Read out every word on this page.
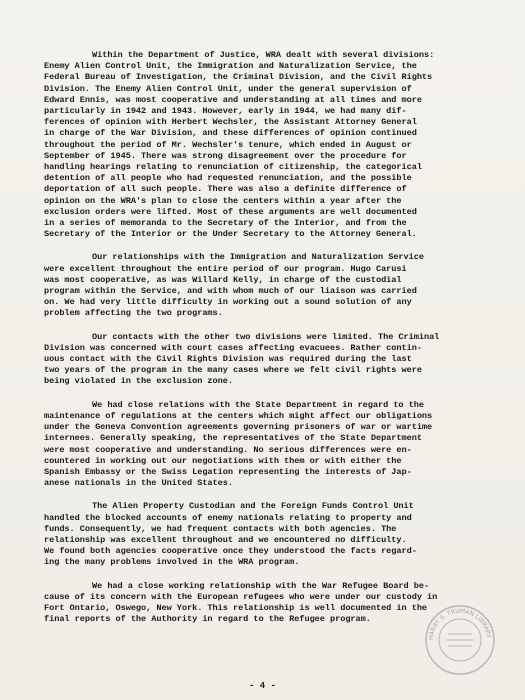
Within the Department of Justice, WRA dealt with several divisions:
Enemy Alien Control Unit, the Immigration and Naturalization Service, the
Federal Bureau of Investigation, the Criminal Division, and the Civil Rights
Division. The Enemy Alien Control Unit, under the general supervision of
Edward Ennis, was most cooperative and understanding at all times and more
particularly in 1942 and 1943. However, early in 1944, we had many dif-
ferences of opinion with Herbert Wechsler, the Assistant Attorney General
in charge of the War Division, and these differences of opinion continued
throughout the period of Mr. Wechsler's tenure, which ended in August or
September of 1945. There was strong disagreement over the procedure for
handling hearings relating to renunciation of citizenship, the categorical
detention of all people who had requested renunciation, and the possible
deportation of all such people. There was also a definite difference of
opinion on the WRA's plan to close the centers within a year after the
exclusion orders were lifted. Most of these arguments are well documented
in a series of memoranda to the Secretary of the Interior, and from the
Secretary of the Interior or the Under Secretary to the Attorney General.
Our relationships with the Immigration and Naturalization Service
were excellent throughout the entire period of our program. Hugo Carusi
was most cooperative, as was Willard Kelly, in charge of the custodial
program within the Service, and with whom much of our liaison was carried
on. We had very little difficulty in working out a sound solution of any
problem affecting the two programs.
Our contacts with the other two divisions were limited. The Criminal
Division was concerned with court cases affecting evacuees. Rather contin-
uous contact with the Civil Rights Division was required during the last
two years of the program in the many cases where we felt civil rights were
being violated in the exclusion zone.
We had close relations with the State Department in regard to the
maintenance of regulations at the centers which might affect our obligations
under the Geneva Convention agreements governing prisoners of war or wartime
internees. Generally speaking, the representatives of the State Department
were most cooperative and understanding. No serious differences were en-
countered in working out our negotiations with them or with either the
Spanish Embassy or the Swiss Legation representing the interests of Jap-
anese nationals in the United States.
The Alien Property Custodian and the Foreign Funds Control Unit
handled the blocked accounts of enemy nationals relating to property and
funds. Consequently, we had frequent contacts with both agencies. The
relationship was excellent throughout and we encountered no difficulty.
We found both agencies cooperative once they understood the facts regard-
ing the many problems involved in the WRA program.
We had a close working relationship with the War Refugee Board be-
cause of its concern with the European refugees who were under our custody in
Fort Ontario, Oswego, New York. This relationship is well documented in the
final reports of the Authority in regard to the Refugee program.
- 4 -
HARRY S. TRUMAN LIBRARY
